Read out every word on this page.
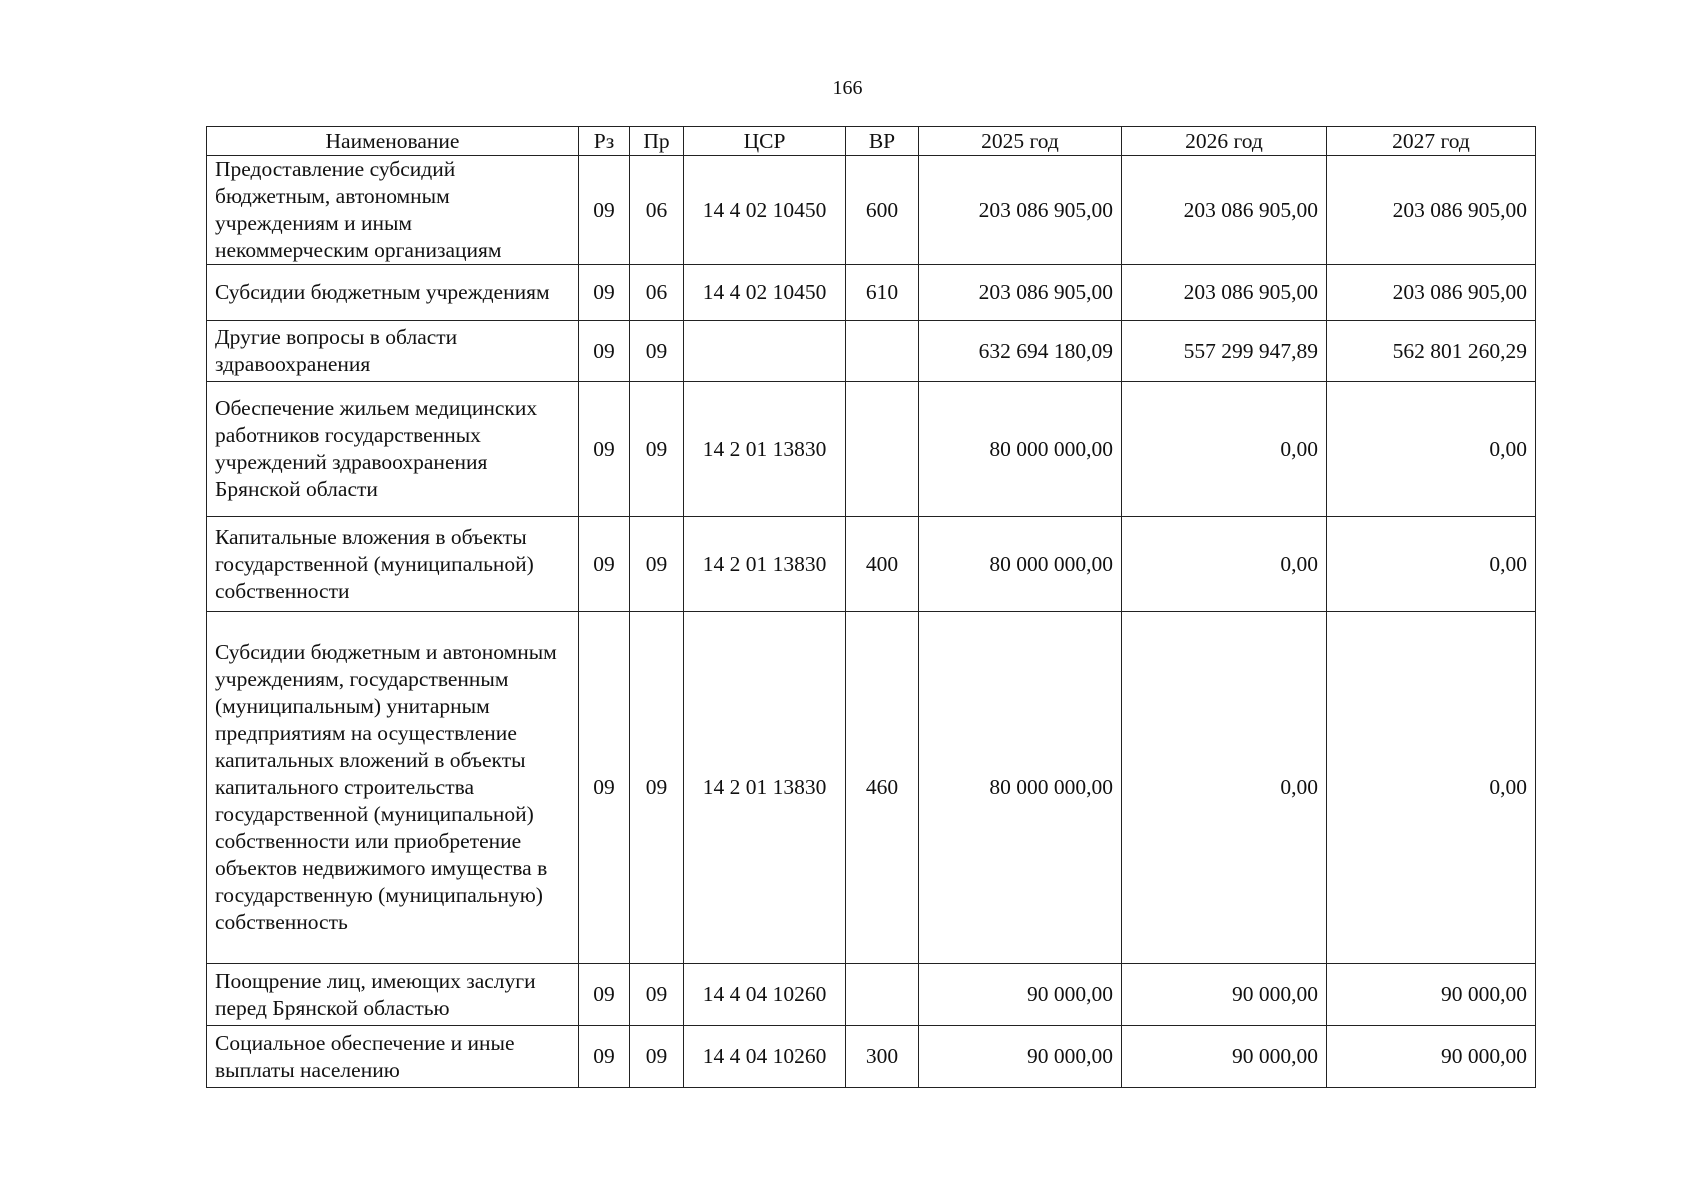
166
Наименование	Рз	Пр	ЦСР	ВР	2025 год	2026 год	2027 год
Предоставление субсидий бюджетным, автономным учреждениям и иным некоммерческим организациям	09	06	14 4 02 10450	600	203 086 905,00	203 086 905,00	203 086 905,00
Субсидии бюджетным учреждениям	09	06	14 4 02 10450	610	203 086 905,00	203 086 905,00	203 086 905,00
Другие вопросы в области здравоохранения	09	09			632 694 180,09	557 299 947,89	562 801 260,29
Обеспечение жильем медицинских работников государственных учреждений здравоохранения Брянской области	09	09	14 2 01 13830		80 000 000,00	0,00	0,00
Капитальные вложения в объекты государственной (муниципальной) собственности	09	09	14 2 01 13830	400	80 000 000,00	0,00	0,00
Субсидии бюджетным и автономным учреждениям, государственным (муниципальным) унитарным предприятиям на осуществление капитальных вложений в объекты капитального строительства государственной (муниципальной) собственности или приобретение объектов недвижимого имущества в государственную (муниципальную) собственность	09	09	14 2 01 13830	460	80 000 000,00	0,00	0,00
Поощрение лиц, имеющих заслуги перед Брянской областью	09	09	14 4 04 10260		90 000,00	90 000,00	90 000,00
Социальное обеспечение и иные выплаты населению	09	09	14 4 04 10260	300	90 000,00	90 000,00	90 000,00
